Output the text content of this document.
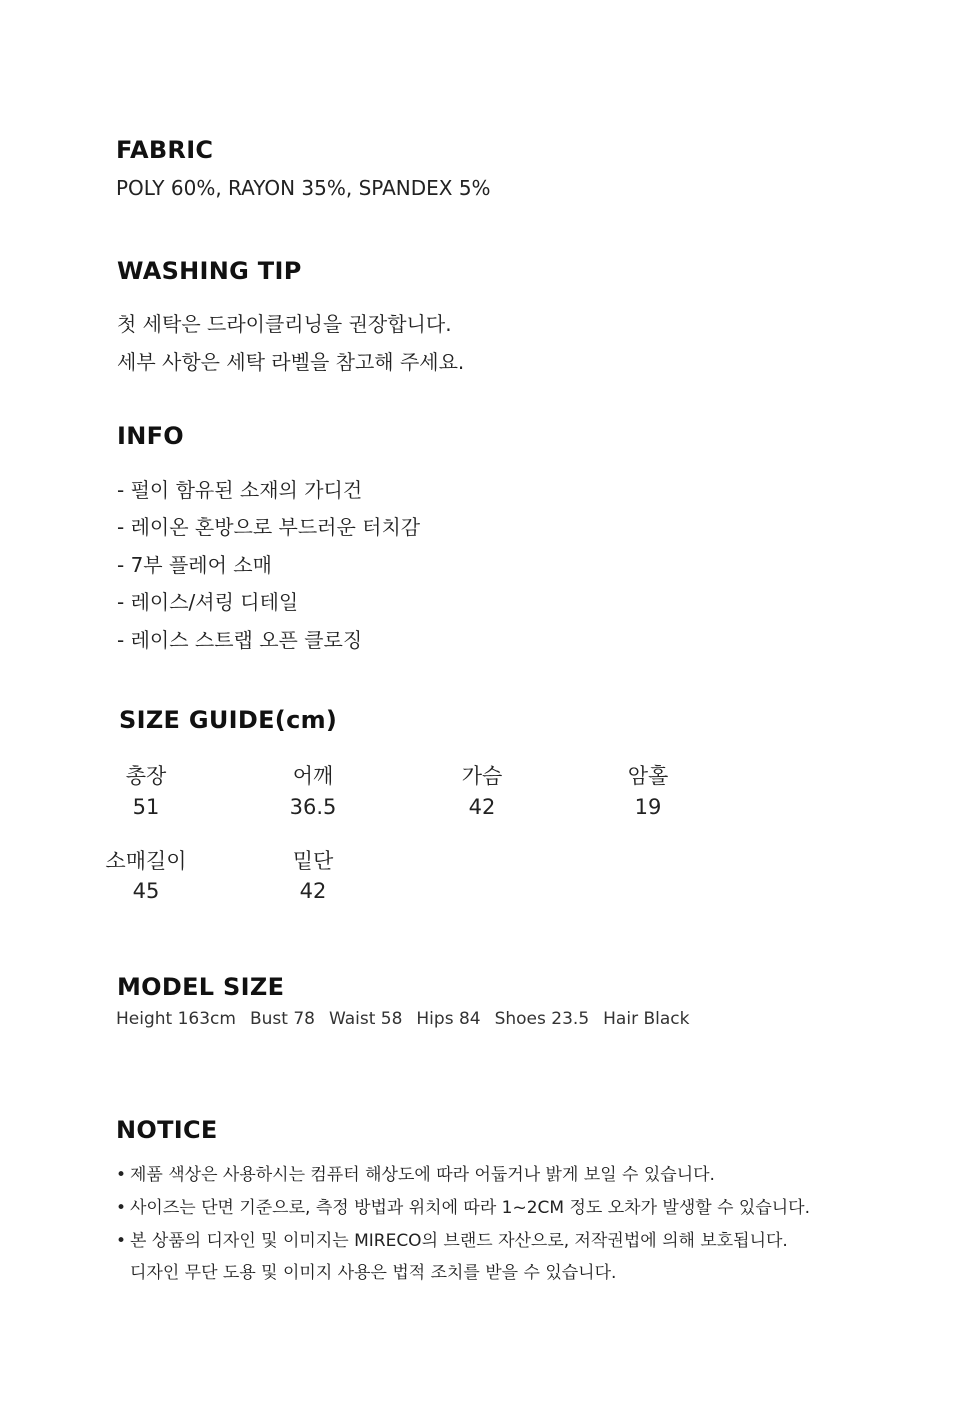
FABRIC
POLY 60%, RAYON 35%, SPANDEX 5%
WASHING TIP
첫 세탁은 드라이클리닝을 권장합니다.
세부 사항은 세탁 라벨을 참고해 주세요.
INFO
- 펄이 함유된 소재의 가디건
- 레이온 혼방으로 부드러운 터치감
- 7부 플레어 소매
- 레이스/셔링 디테일
- 레이스 스트랩 오픈 클로징
SIZE GUIDE(cm)
총장
51
어깨
36.5
가슴
42
암홀
19
소매길이
45
밑단
42
MODEL SIZE
Height 163cm Bust 78 Waist 58 Hips 84 Shoes 23.5 Hair Black
NOTICE
• 제품 색상은 사용하시는 컴퓨터 해상도에 따라 어둡거나 밝게 보일 수 있습니다.
• 사이즈는 단면 기준으로, 측정 방법과 위치에 따라 1~2CM 정도 오차가 발생할 수 있습니다.
• 본 상품의 디자인 및 이미지는 MIRECO의 브랜드 자산으로, 저작권법에 의해 보호됩니다.
디자인 무단 도용 및 이미지 사용은 법적 조치를 받을 수 있습니다.
